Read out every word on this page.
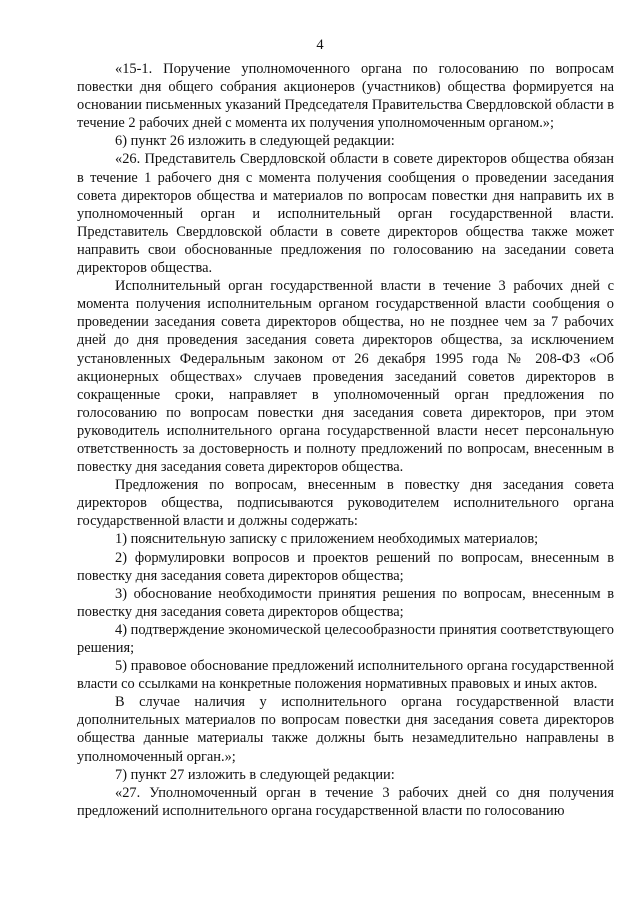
4

«15-1. Поручение уполномоченного органа по голосованию по вопросам повестки дня общего собрания акционеров (участников) общества формируется на основании письменных указаний Председателя Правительства Свердловской области в течение 2 рабочих дней с момента их получения уполномоченным органом.»;

6) пункт 26 изложить в следующей редакции:

«26. Представитель Свердловской области в совете директоров общества обязан в течение 1 рабочего дня с момента получения сообщения о проведении заседания совета директоров общества и материалов по вопросам повестки дня направить их в уполномоченный орган и исполнительный орган государственной власти. Представитель Свердловской области в совете директоров общества также может направить свои обоснованные предложения по голосованию на заседании совета директоров общества.

Исполнительный орган государственной власти в течение 3 рабочих дней с момента получения исполнительным органом государственной власти сообщения о проведении заседания совета директоров общества, но не позднее чем за 7 рабочих дней до дня проведения заседания совета директоров общества, за исключением установленных Федеральным законом от 26 декабря 1995 года № 208-ФЗ «Об акционерных обществах» случаев проведения заседаний советов директоров в сокращенные сроки, направляет в уполномоченный орган предложения по голосованию по вопросам повестки дня заседания совета директоров, при этом руководитель исполнительного органа государственной власти несет персональную ответственность за достоверность и полноту предложений по вопросам, внесенным в повестку дня заседания совета директоров общества.

Предложения по вопросам, внесенным в повестку дня заседания совета директоров общества, подписываются руководителем исполнительного органа государственной власти и должны содержать:

1) пояснительную записку с приложением необходимых материалов;

2) формулировки вопросов и проектов решений по вопросам, внесенным в повестку дня заседания совета директоров общества;

3) обоснование необходимости принятия решения по вопросам, внесенным в повестку дня заседания совета директоров общества;

4) подтверждение экономической целесообразности принятия соответствующего решения;

5) правовое обоснование предложений исполнительного органа государственной власти со ссылками на конкретные положения нормативных правовых и иных актов.

В случае наличия у исполнительного органа государственной власти дополнительных материалов по вопросам повестки дня заседания совета директоров общества данные материалы также должны быть незамедлительно направлены в уполномоченный орган.»;

7) пункт 27 изложить в следующей редакции:

«27. Уполномоченный орган в течение 3 рабочих дней со дня получения предложений исполнительного органа государственной власти по голосованию
